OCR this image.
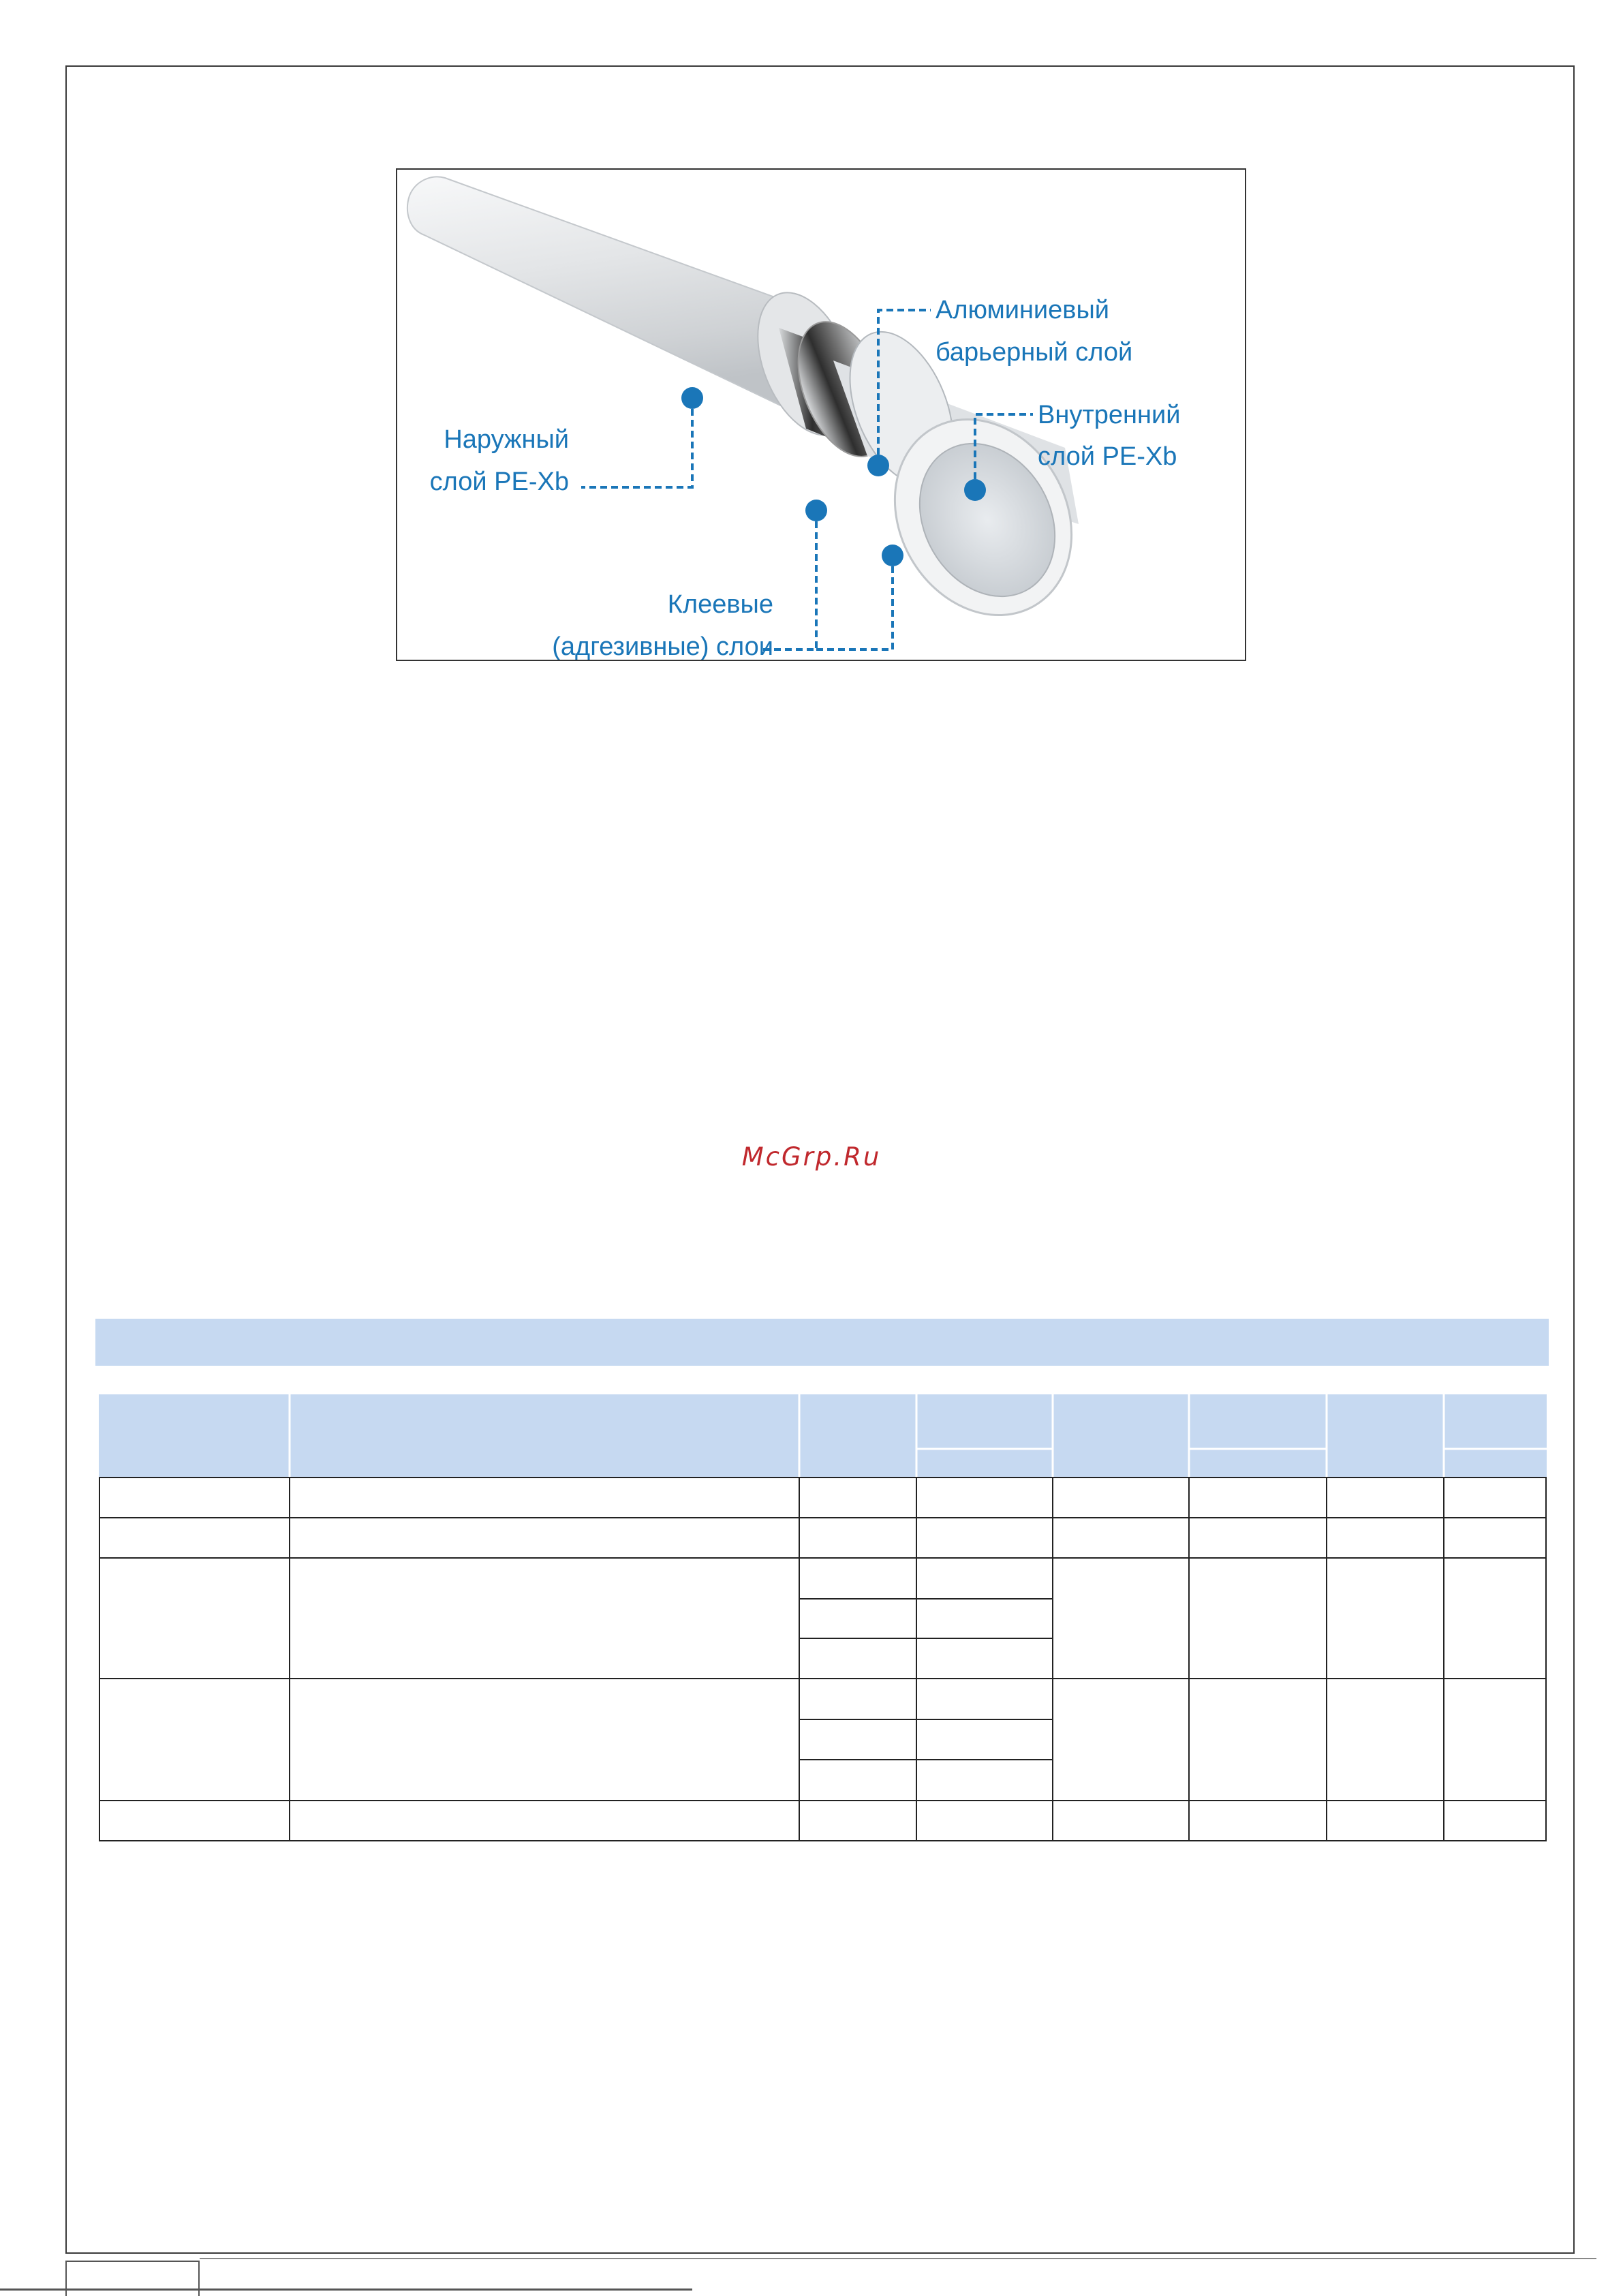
Наружный
слой PE-Xb
Алюминиевый
барьерный слой
Внутренний
слой PE-Xb
Клеевые
(адгезивные) слои
McGrp.Ru
